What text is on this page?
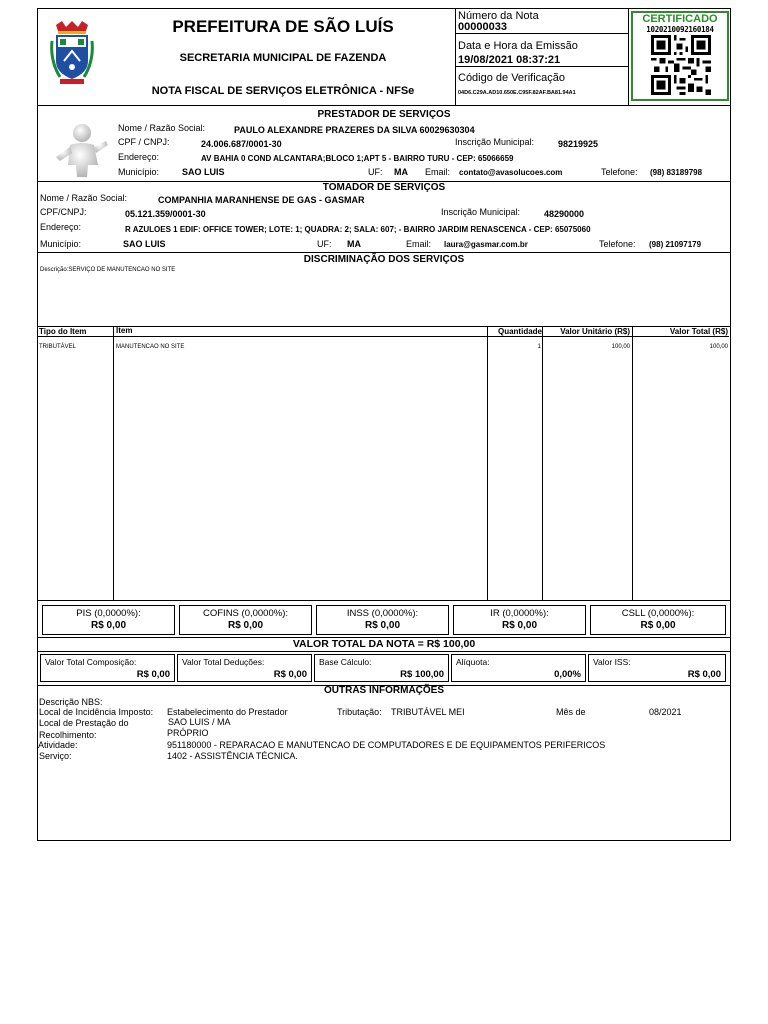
PREFEITURA DE SÃO LUÍS
SECRETARIA MUNICIPAL DE FAZENDA
NOTA FISCAL DE SERVIÇOS ELETRÔNICA - NFSe
Número da Nota
00000033
Data e Hora da Emissão
19/08/2021 08:37:21
Código de Verificação
04D6.C29A.AD10.650E.C95F.82AF.BA81.94A1
CERTIFICADO
1020210092160184
PRESTADOR DE SERVIÇOS
Nome / Razão Social:	PAULO ALEXANDRE PRAZERES DA SILVA 60029630304
CPF / CNPJ:	24.006.687/0001-30	Inscrição Municipal:	98219925
Endereço:	AV BAHIA 0 COND ALCANTARA;BLOCO 1;APT 5 - BAIRRO TURU - CEP: 65066659
Município:	SAO LUIS	UF: MA Email: contato@avasolucoes.com	Telefone: (98) 83189798
TOMADOR DE SERVIÇOS
Nome / Razão Social:	COMPANHIA MARANHENSE DE GAS - GASMAR
CPF/CNPJ:	05.121.359/0001-30	Inscrição Municipal:	48290000
Endereço:	R AZULOES 1 EDIF: OFFICE TOWER; LOTE: 1; QUADRA: 2; SALA: 607; - BAIRRO JARDIM RENASCENCA - CEP: 65075060
Município:	SAO LUIS	UF: MA	Email: laura@gasmar.com.br	Telefone: (98) 21097179
DISCRIMINAÇÃO DOS SERVIÇOS
Descrição:SERVIÇO DE MANUTENCAO NO SITE
Tipo do Item	Item	Quantidade	Valor Unitário (R$)	Valor Total (R$)
TRIBUTÁVEL	MANUTENCAO NO SITE	1	100,00	100,00
PIS (0,0000%):
R$ 0,00
COFINS (0,0000%):
R$ 0,00
INSS (0,0000%):
R$ 0,00
IR (0,0000%):
R$ 0,00
CSLL (0,0000%):
R$ 0,00
VALOR TOTAL DA NOTA = R$ 100,00
Valor Total Composição:
R$ 0,00
Valor Total Deduções:
R$ 0,00
Base Cálculo:
R$ 100,00
Alíquota:
0,00%
Valor ISS:
R$ 0,00
OUTRAS INFORMAÇÕES
Descrição NBS:
Local de Incidência Imposto: Estabelecimento do Prestador	Tributação: TRIBUTÁVEL MEI	Mês de	08/2021
Local de Prestação do	SAO LUIS / MA
Recolhimento:	PRÓPRIO
Atividade:	951180000 - REPARACAO E MANUTENCAO DE COMPUTADORES E DE EQUIPAMENTOS PERIFERICOS
Serviço:	1402 - ASSISTÊNCIA TÉCNICA.
